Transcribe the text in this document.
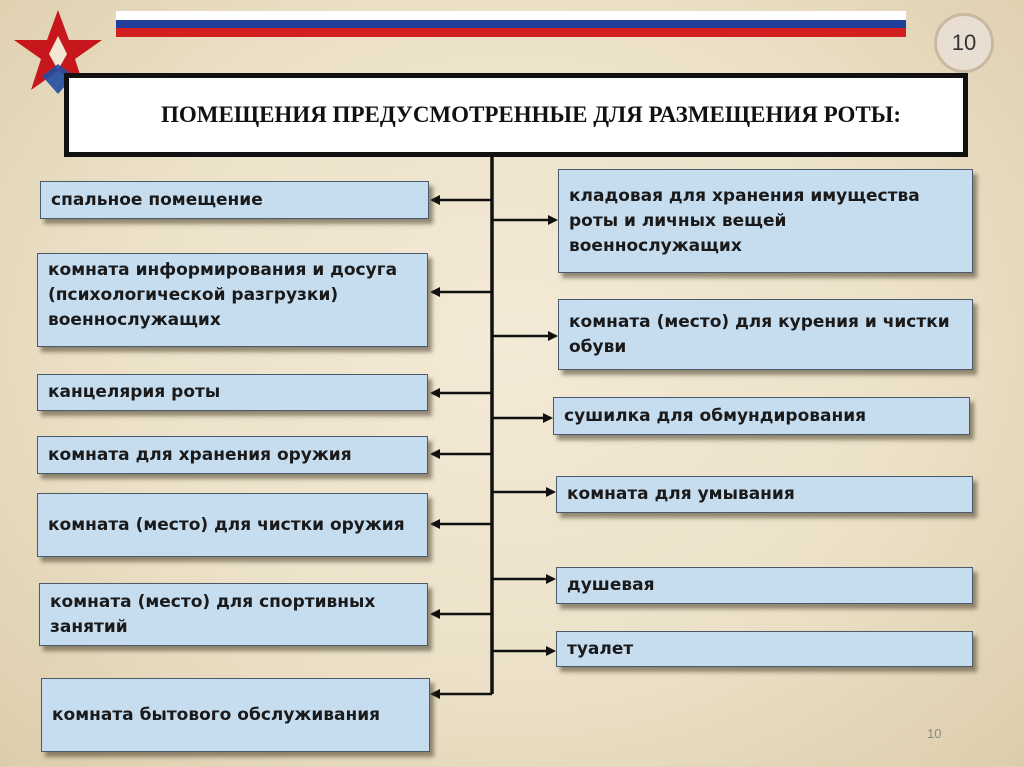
10
ПОМЕЩЕНИЯ ПРЕДУСМОТРЕННЫЕ ДЛЯ РАЗМЕЩЕНИЯ РОТЫ:
спальное помещение
комната информирования и досуга (психологической разгрузки) военнослужащих
канцелярия роты
комната для хранения оружия
комната (место) для чистки оружия
комната (место) для спортивных занятий
комната бытового обслуживания
кладовая для хранения имущества роты и личных вещей военнослужащих
комната (место) для курения и чистки обуви
сушилка для обмундирования
комната для умывания
душевая
туалет
10
